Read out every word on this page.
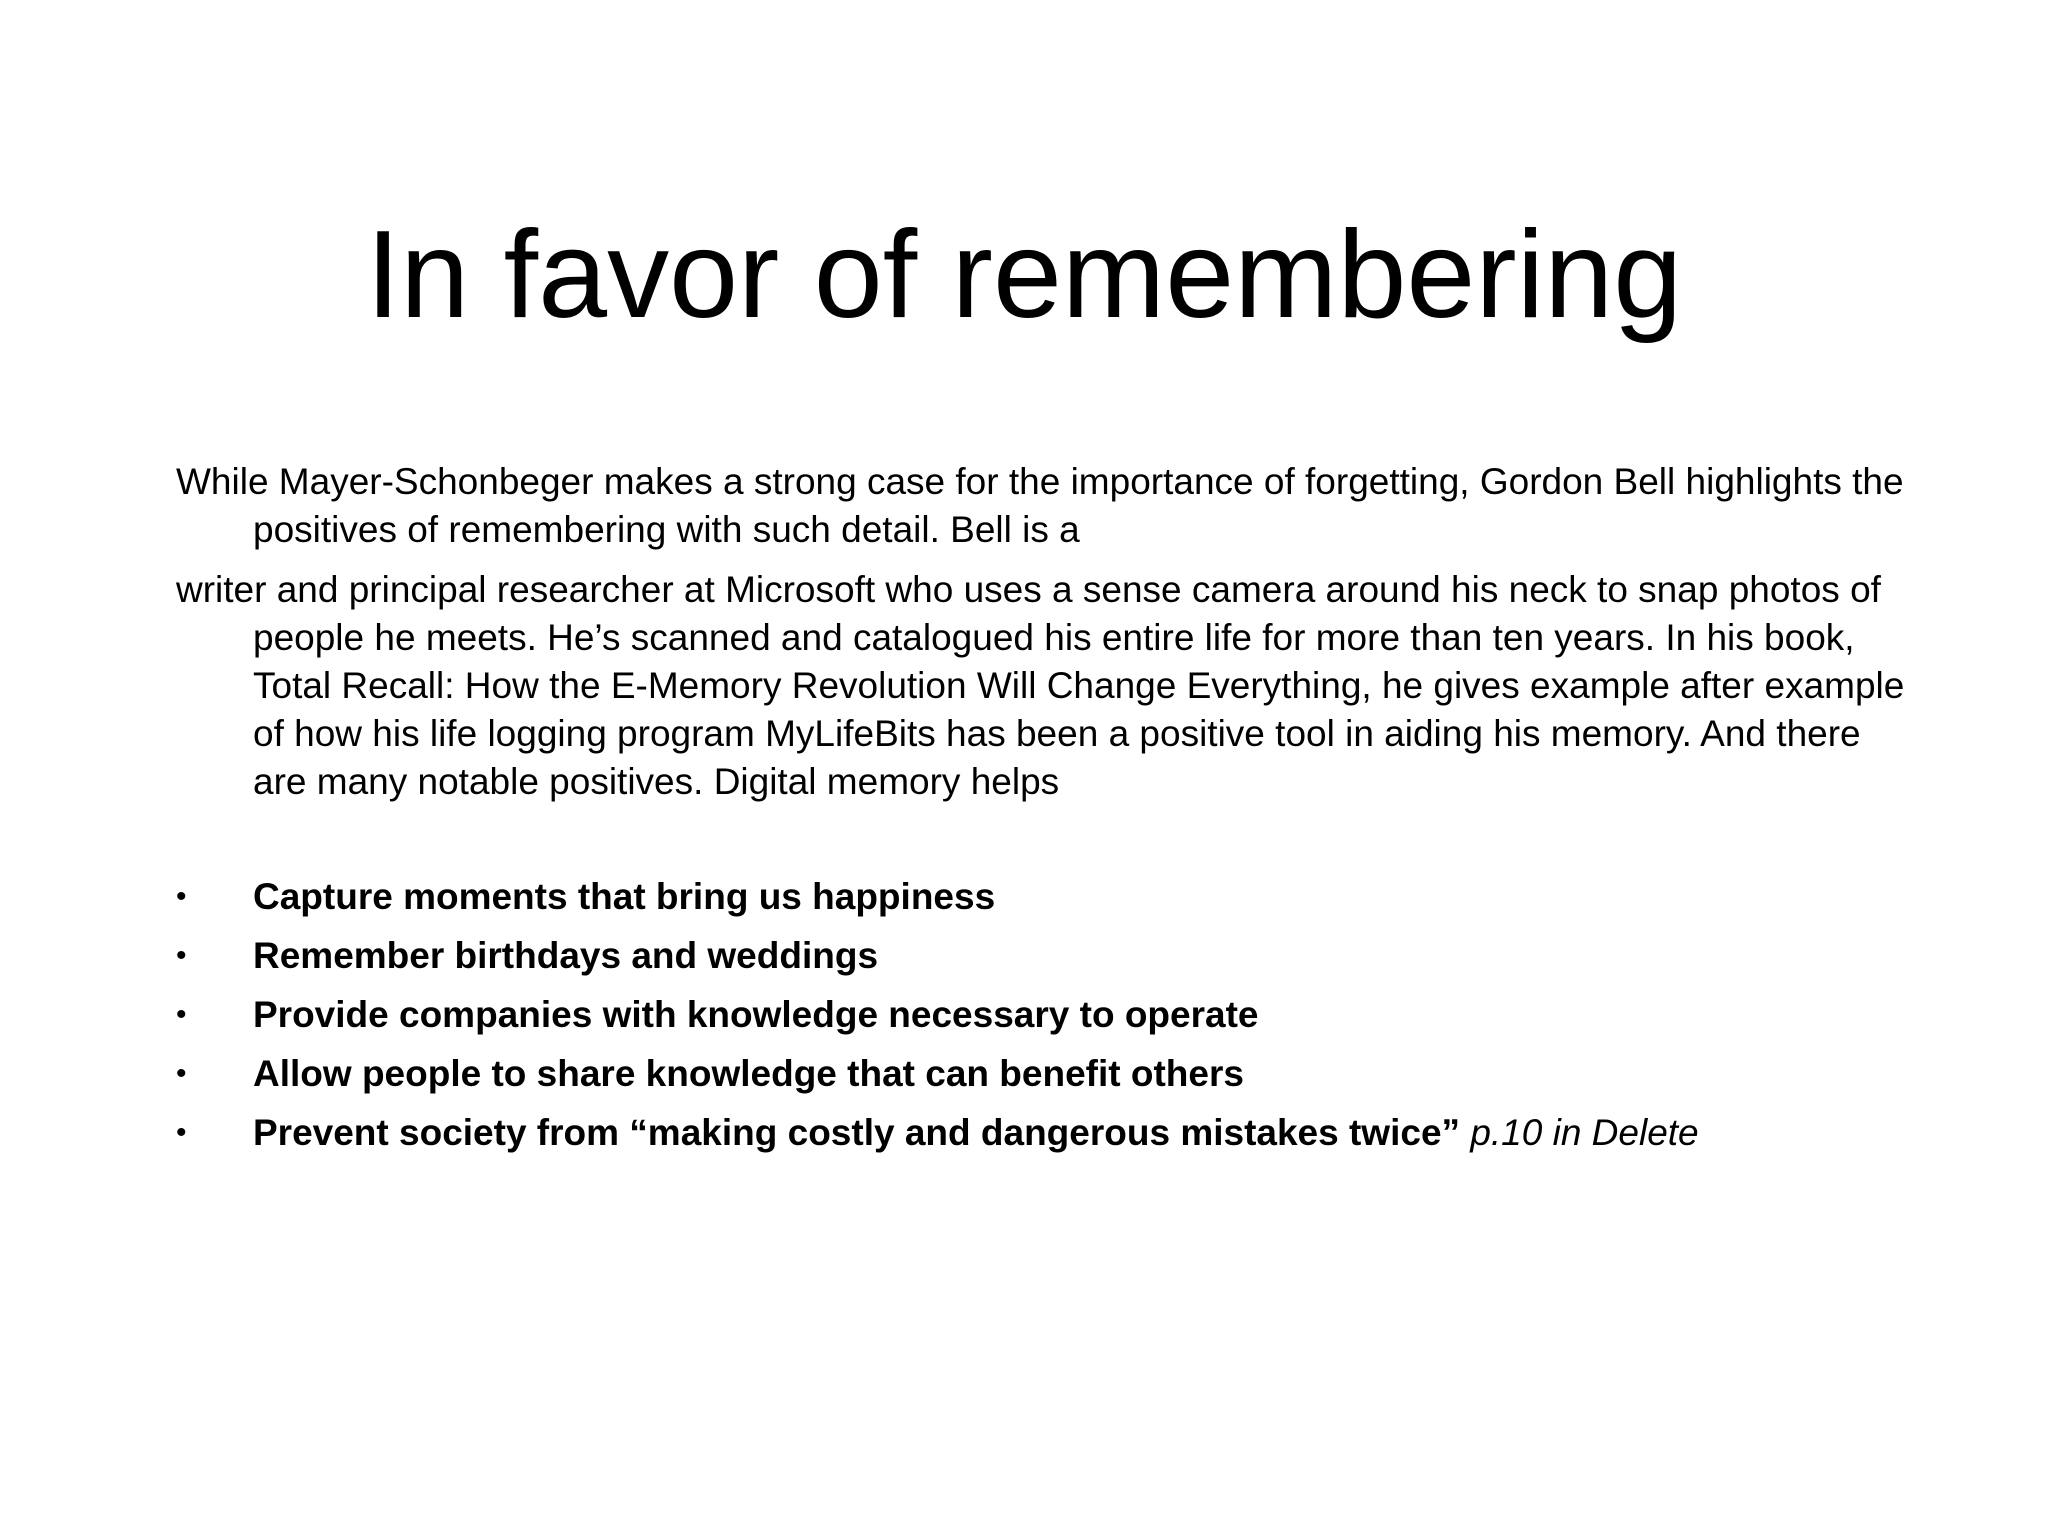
In favor of remembering

While Mayer-Schonbeger makes a strong case for the importance of forgetting, Gordon Bell highlights the positives of remembering with such detail. Bell is a

writer and principal researcher at Microsoft who uses a sense camera around his neck to snap photos of people he meets. He’s scanned and catalogued his entire life for more than ten years. In his book, Total Recall: How the E-Memory Revolution Will Change Everything, he gives example after example of how his life logging program MyLifeBits has been a positive tool in aiding his memory. And there are many notable positives. Digital memory helps

• Capture moments that bring us happiness
• Remember birthdays and weddings
• Provide companies with knowledge necessary to operate
• Allow people to share knowledge that can benefit others
• Prevent society from “making costly and dangerous mistakes twice” p.10 in Delete
